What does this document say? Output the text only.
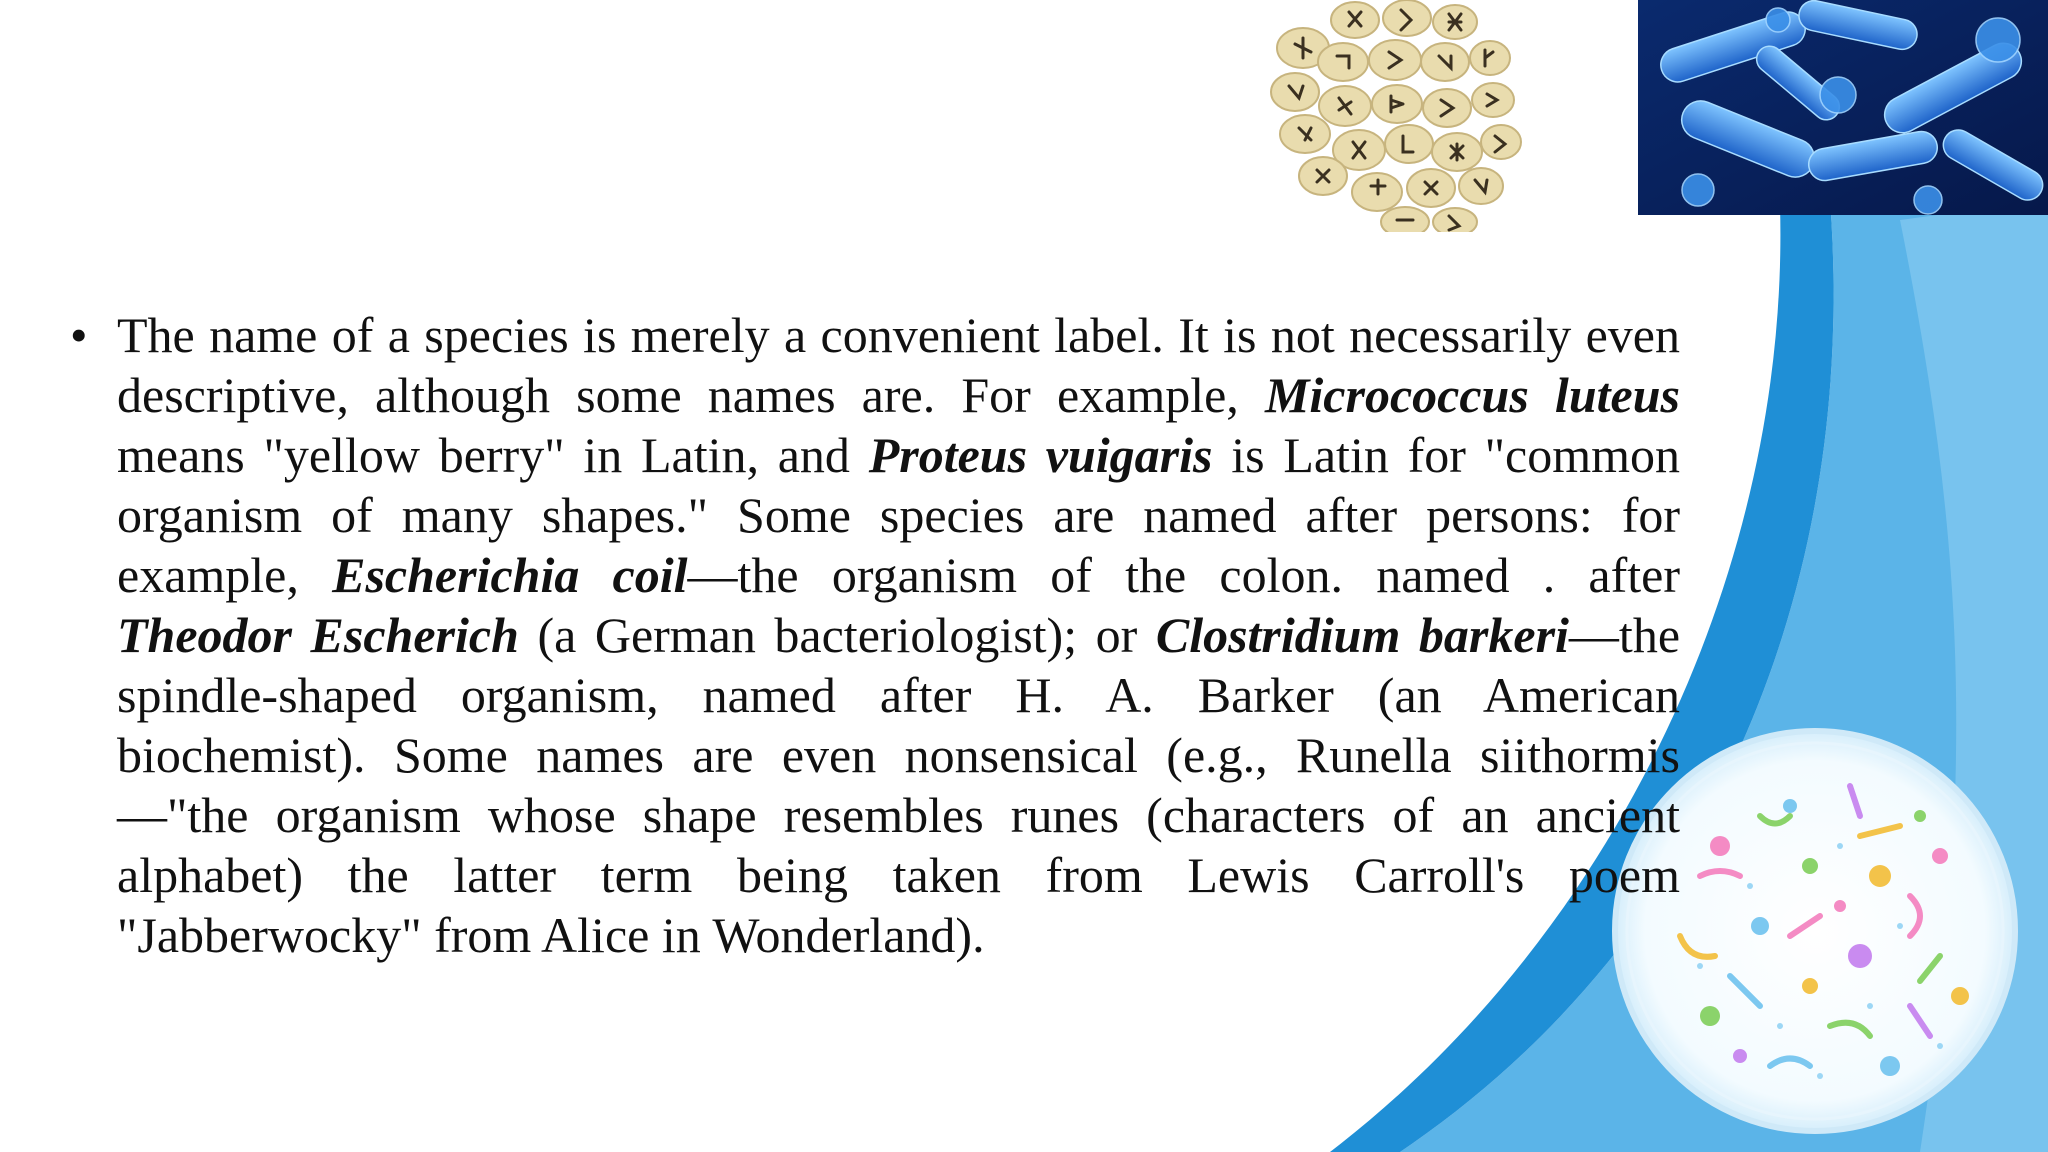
• The name of a species is merely a convenient label. It is not necessarily even descriptive, although some names are. For example, Micrococcus luteus means "yellow berry" in Latin, and Proteus vuigaris is Latin for "common organism of many shapes." Some species are named after persons: for example, Escherichia coil—the organism of the colon. named . after Theodor Escherich (a German bacteriologist); or Clostridium barkeri—the spindle-shaped organism, named after H. A. Barker (an American biochemist). Some names are even nonsensical (e.g., Runella siithormis—"the organism whose shape resembles runes (characters of an ancient alphabet) the latter term being taken from Lewis Carroll's poem "Jabberwocky" from Alice in Wonderland).
